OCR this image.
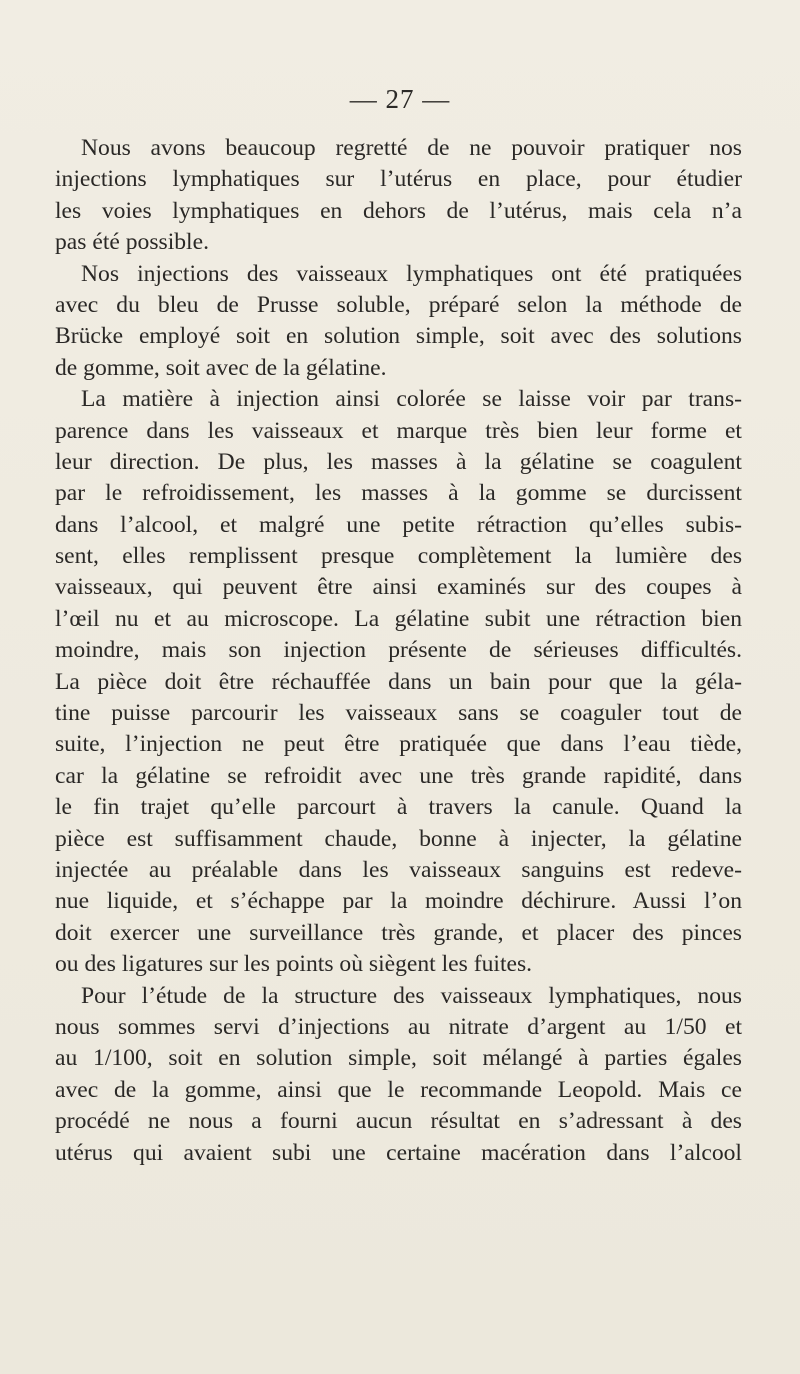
— 27 —
Nous avons beaucoup regretté de ne pouvoir pratiquer nos
injections lymphatiques sur l’utérus en place, pour étudier
les voies lymphatiques en dehors de l’utérus, mais cela n’a
pas été possible.
Nos injections des vaisseaux lymphatiques ont été pratiquées
avec du bleu de Prusse soluble, préparé selon la méthode de
Brücke employé soit en solution simple, soit avec des solutions
de gomme, soit avec de la gélatine.
La matière à injection ainsi colorée se laisse voir par trans-
parence dans les vaisseaux et marque très bien leur forme et
leur direction. De plus, les masses à la gélatine se coagulent
par le refroidissement, les masses à la gomme se durcissent
dans l’alcool, et malgré une petite rétraction qu’elles subis-
sent, elles remplissent presque complètement la lumière des
vaisseaux, qui peuvent être ainsi examinés sur des coupes à
l’œil nu et au microscope. La gélatine subit une rétraction bien
moindre, mais son injection présente de sérieuses difficultés.
La pièce doit être réchauffée dans un bain pour que la géla-
tine puisse parcourir les vaisseaux sans se coaguler tout de
suite, l’injection ne peut être pratiquée que dans l’eau tiède,
car la gélatine se refroidit avec une très grande rapidité, dans
le fin trajet qu’elle parcourt à travers la canule. Quand la
pièce est suffisamment chaude, bonne à injecter, la gélatine
injectée au préalable dans les vaisseaux sanguins est redeve-
nue liquide, et s’échappe par la moindre déchirure. Aussi l’on
doit exercer une surveillance très grande, et placer des pinces
ou des ligatures sur les points où siègent les fuites.
Pour l’étude de la structure des vaisseaux lymphatiques, nous
nous sommes servi d’injections au nitrate d’argent au 1/50 et
au 1/100, soit en solution simple, soit mélangé à parties égales
avec de la gomme, ainsi que le recommande Leopold. Mais ce
procédé ne nous a fourni aucun résultat en s’adressant à des
utérus qui avaient subi une certaine macération dans l’alcool
